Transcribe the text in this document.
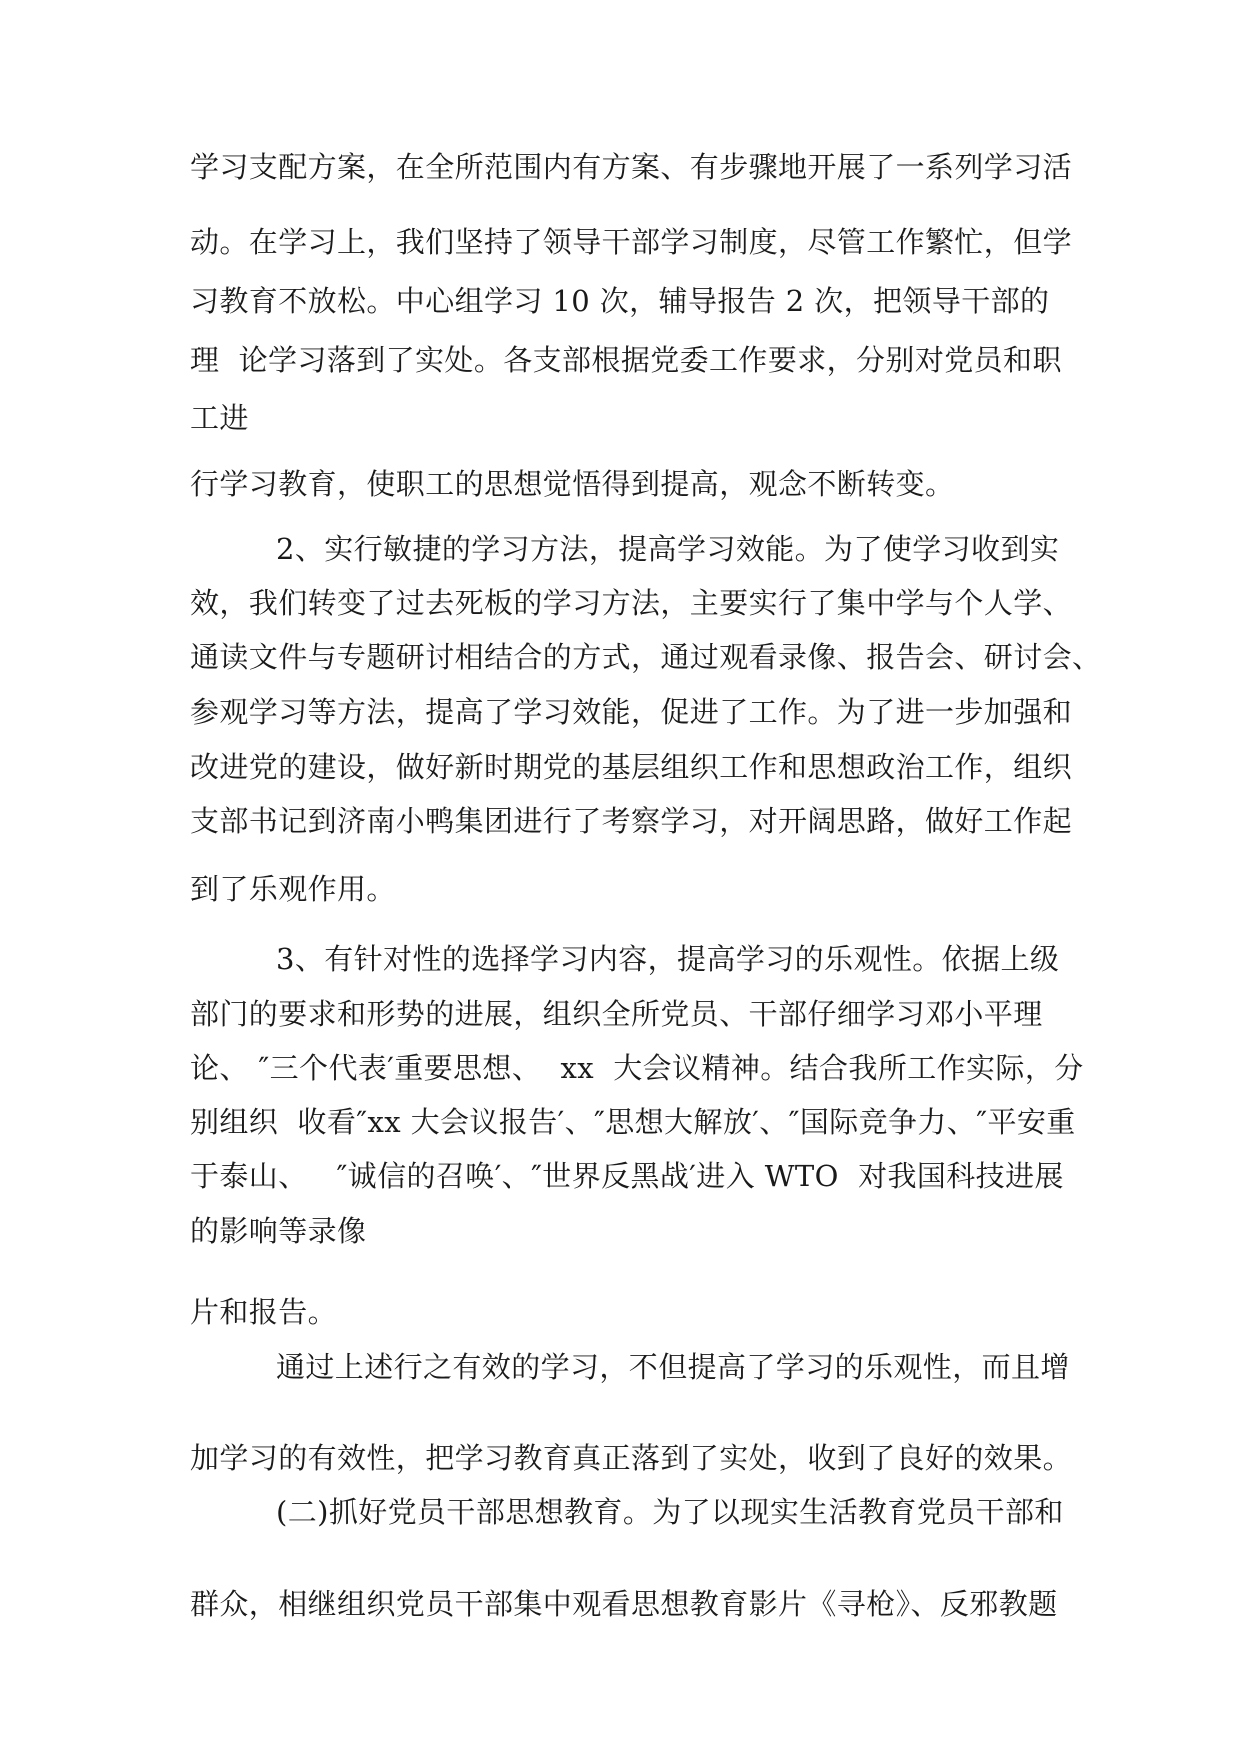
学习支配方案，在全所范围内有方案、有步骤地开展了一系列学习活
动。在学习上，我们坚持了领导干部学习制度，尽管工作繁忙，但学
习教育不放松。中心组学习 10 次，辅导报告 2 次，把领导干部的
理  论学习落到了实处。各支部根据党委工作要求，分别对党员和职
工进
行学习教育，使职工的思想觉悟得到提高，观念不断转变。
2、实行敏捷的学习方法，提高学习效能。为了使学习收到实
效，我们转变了过去死板的学习方法，主要实行了集中学与个人学、
通读文件与专题研讨相结合的方式，通过观看录像、报告会、研讨会、
参观学习等方法，提高了学习效能，促进了工作。为了进一步加强和
改进党的建设，做好新时期党的基层组织工作和思想政治工作，组织
支部书记到济南小鸭集团进行了考察学习，对开阔思路，做好工作起
到了乐观作用。
3、有针对性的选择学习内容，提高学习的乐观性。依据上级
部门的要求和形势的进展，组织全所党员、干部仔细学习邓小平理
论、 ″三个代表′重要思想、  xx  大会议精神。结合我所工作实际，分
别组织  收看″xx 大会议报告′、″思想大解放′、″国际竞争力、″平安重
于泰山、   ″诚信的召唤′、″世界反黑战′进入 WTO  对我国科技进展
的影响等录像
片和报告。
通过上述行之有效的学习，不但提高了学习的乐观性，而且增
加学习的有效性，把学习教育真正落到了实处，收到了良好的效果。
(二)抓好党员干部思想教育。为了以现实生活教育党员干部和
群众，相继组织党员干部集中观看思想教育影片《寻枪》、反邪教题
